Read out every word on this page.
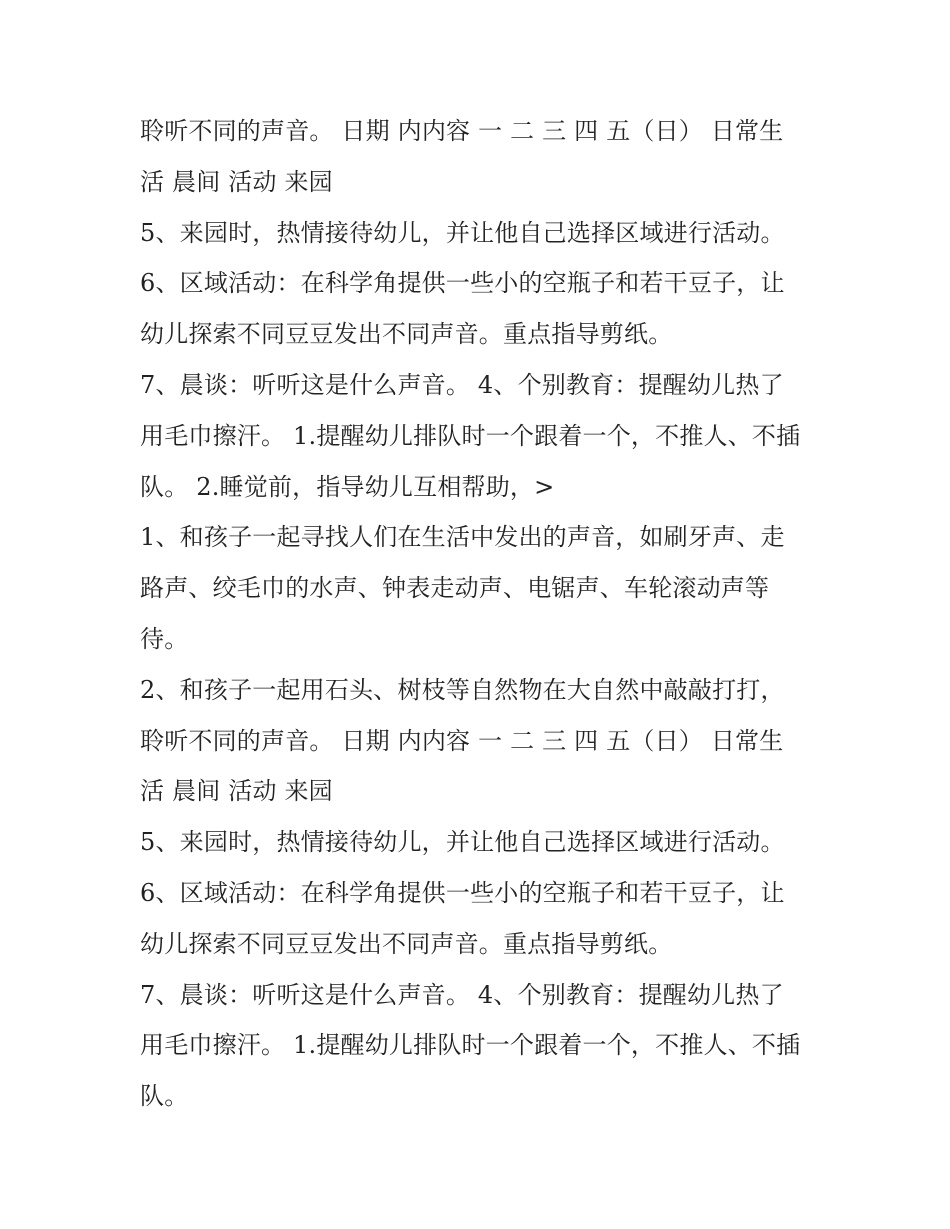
聆听不同的声音。 日期 内内容 一 二 三 四 五（日） 日常生
活 晨间 活动 来园
5、来园时，热情接待幼儿，并让他自己选择区域进行活动。
6、区域活动：在科学角提供一些小的空瓶子和若干豆子，让
幼儿探索不同豆豆发出不同声音。重点指导剪纸。
7、晨谈：听听这是什么声音。 4、个别教育：提醒幼儿热了
用毛巾擦汗。 1.提醒幼儿排队时一个跟着一个，不推人、不插
队。 2.睡觉前，指导幼儿互相帮助，>
1、和孩子一起寻找人们在生活中发出的声音，如刷牙声、走
路声、绞毛巾的水声、钟表走动声、电锯声、车轮滚动声等
待。
2、和孩子一起用石头、树枝等自然物在大自然中敲敲打打，
聆听不同的声音。 日期 内内容 一 二 三 四 五（日） 日常生
活 晨间 活动 来园
5、来园时，热情接待幼儿，并让他自己选择区域进行活动。
6、区域活动：在科学角提供一些小的空瓶子和若干豆子，让
幼儿探索不同豆豆发出不同声音。重点指导剪纸。
7、晨谈：听听这是什么声音。 4、个别教育：提醒幼儿热了
用毛巾擦汗。 1.提醒幼儿排队时一个跟着一个，不推人、不插
队。
